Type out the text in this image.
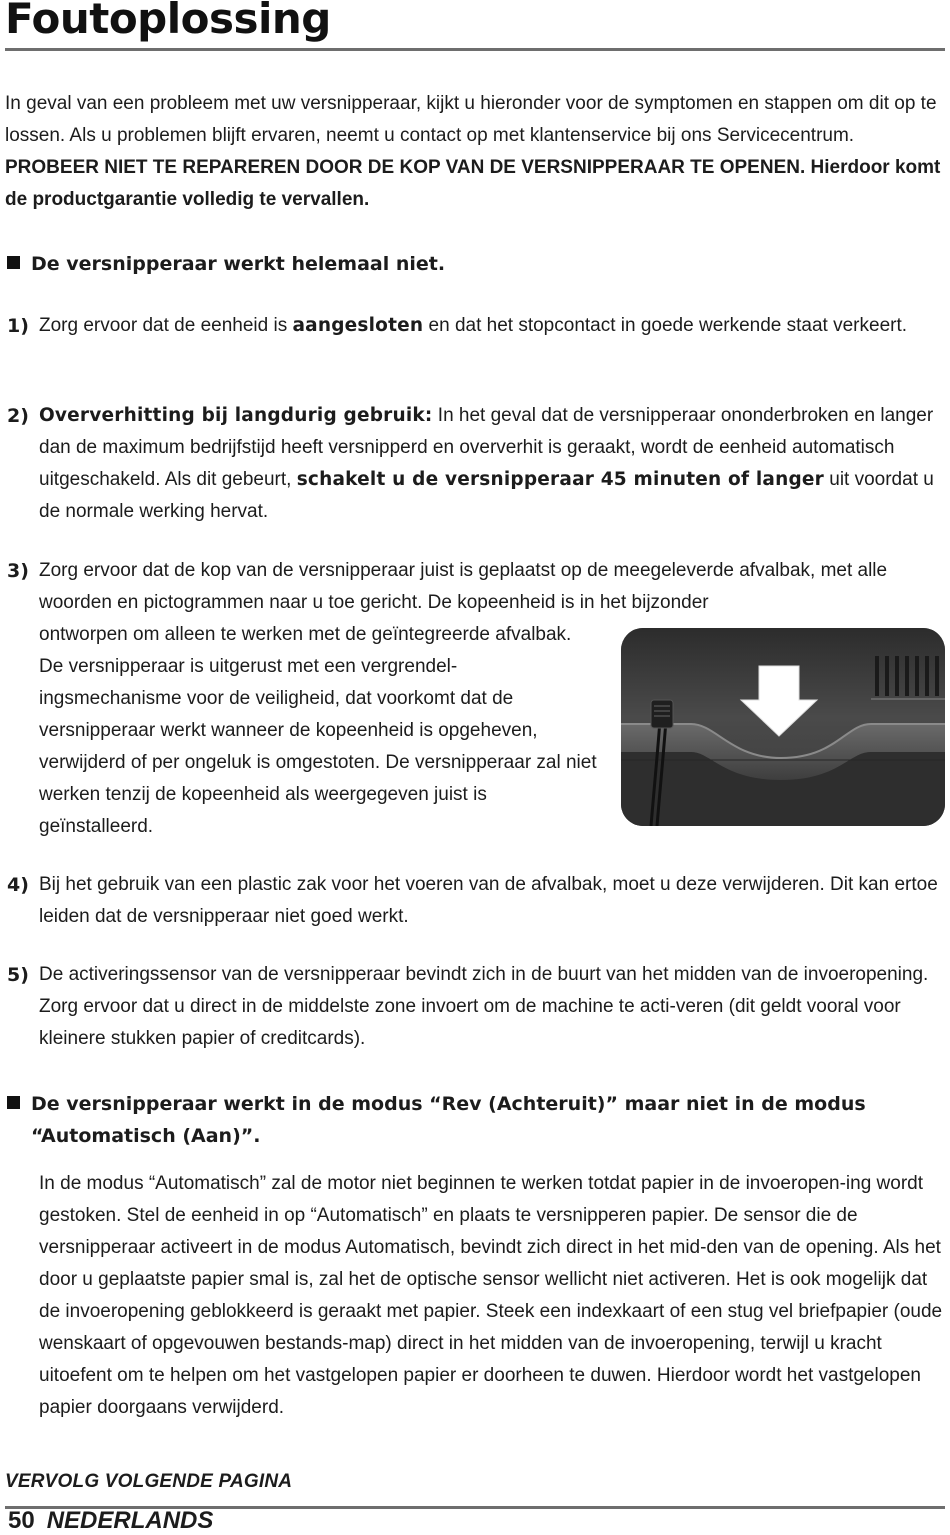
Foutoplossing

In geval van een probleem met uw versnipperaar, kijkt u hieronder voor de symptomen en stappen om dit op te lossen. Als u problemen blijft ervaren, neemt u contact op met klantenservice bij ons Servicecentrum. PROBEER NIET TE REPAREREN DOOR DE KOP VAN DE VERSNIPPERAAR TE OPENEN. Hierdoor komt de productgarantie volledig te vervallen.

De versnipperaar werkt helemaal niet.
1) Zorg ervoor dat de eenheid is aangesloten en dat het stopcontact in goede werkende staat verkeert.

2) Oververhitting bij langdurig gebruik: In het geval dat de versnipperaar ononderbroken en langer dan de maximum bedrijfstijd heeft versnipperd en oververhit is geraakt, wordt de eenheid automatisch uitgeschakeld. Als dit gebeurt, schakelt u de versnipperaar 45 minuten of langer uit voordat u de normale werking hervat.

3) Zorg ervoor dat de kop van de versnipperaar juist is geplaatst op de meegeleverde afvalbak, met alle woorden en pictogrammen naar u toe gericht. De kopeenheid is in het bijzonder

ontworpen om alleen te werken met de geïntegreerde afvalbak. De versnipperaar is uitgerust met een vergrendel-ingsmechanisme voor de veiligheid, dat voorkomt dat de versnipperaar werkt wanneer de kopeenheid is opgeheven, verwijderd of per ongeluk is omgestoten. De versnipperaar zal niet werken tenzij de kopeenheid als weergegeven juist is geïnstalleerd.

4) Bij het gebruik van een plastic zak voor het voeren van de afvalbak, moet u deze verwijderen. Dit kan ertoe leiden dat de versnipperaar niet goed werkt.

5) De activeringssensor van de versnipperaar bevindt zich in de buurt van het midden van de invoeropening. Zorg ervoor dat u direct in de middelste zone invoert om de machine te acti-veren (dit geldt vooral voor kleinere stukken papier of creditcards).

De versnipperaar werkt in de modus “Rev (Achteruit)” maar niet in de modus
“Automatisch (Aan)”.

In de modus “Automatisch” zal de motor niet beginnen te werken totdat papier in de invoeropen-ing wordt gestoken. Stel de eenheid in op “Automatisch” en plaats te versnipperen papier. De sensor die de versnipperaar activeert in de modus Automatisch, bevindt zich direct in het mid-den van de opening. Als het door u geplaatste papier smal is, zal het de optische sensor wellicht niet activeren. Het is ook mogelijk dat de invoeropening geblokkeerd is geraakt met papier. Steek een indexkaart of een stug vel briefpapier (oude wenskaart of opgevouwen bestands-map) direct in het midden van de invoeropening, terwijl u kracht uitoefent om te helpen om het vastgelopen papier er doorheen te duwen. Hierdoor wordt het vastgelopen papier doorgaans verwijderd.

VERVOLG VOLGENDE PAGINA
50 NEDERLANDS
